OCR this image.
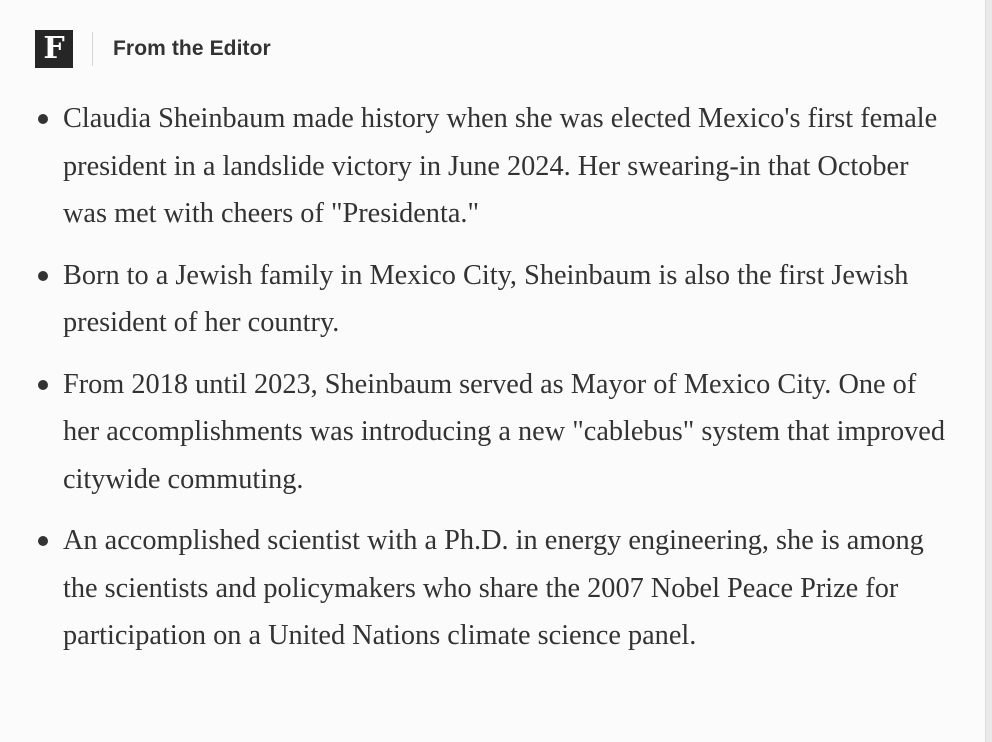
F From the Editor
Claudia Sheinbaum made history when she was elected Mexico's first female president in a landslide victory in June 2024. Her swearing-in that October was met with cheers of "Presidenta."
Born to a Jewish family in Mexico City, Sheinbaum is also the first Jewish president of her country.
From 2018 until 2023, Sheinbaum served as Mayor of Mexico City. One of her accomplishments was introducing a new "cablebus" system that improved citywide commuting.
An accomplished scientist with a Ph.D. in energy engineering, she is among the scientists and policymakers who share the 2007 Nobel Peace Prize for participation on a United Nations climate science panel.
